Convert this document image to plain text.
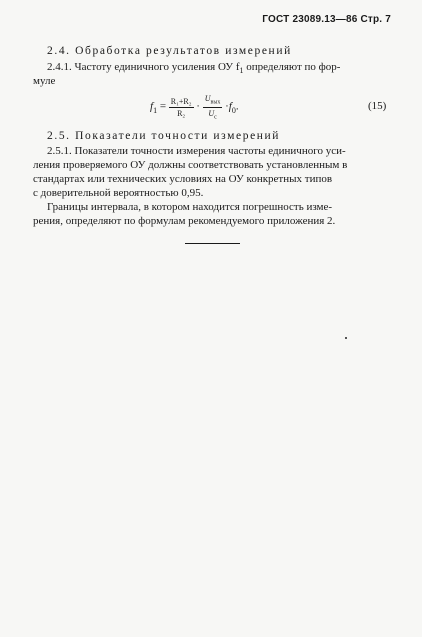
ГОСТ 23089.13—86 Стр. 7
2.4. Обработка результатов измерений
2.4.1. Частоту единичного усиления ОУ $f_1$ определяют по фор-
муле
$f_1 = \frac{\text{R₁+R₂}}{\text{R₂}} \cdot \frac{U_{вых}}{U_c} \cdot f_0$.	(15)
2.5. Показатели точности измерений
2.5.1. Показатели точности измерения частоты единичного уси-
ления проверяемого ОУ должны соответствовать установленным в
стандартах или технических условиях на ОУ конкретных типов
с доверительной вероятностью 0,95.
Границы интервала, в котором находится погрешность изме-
рения, определяют по формулам рекомендуемого приложения 2.
